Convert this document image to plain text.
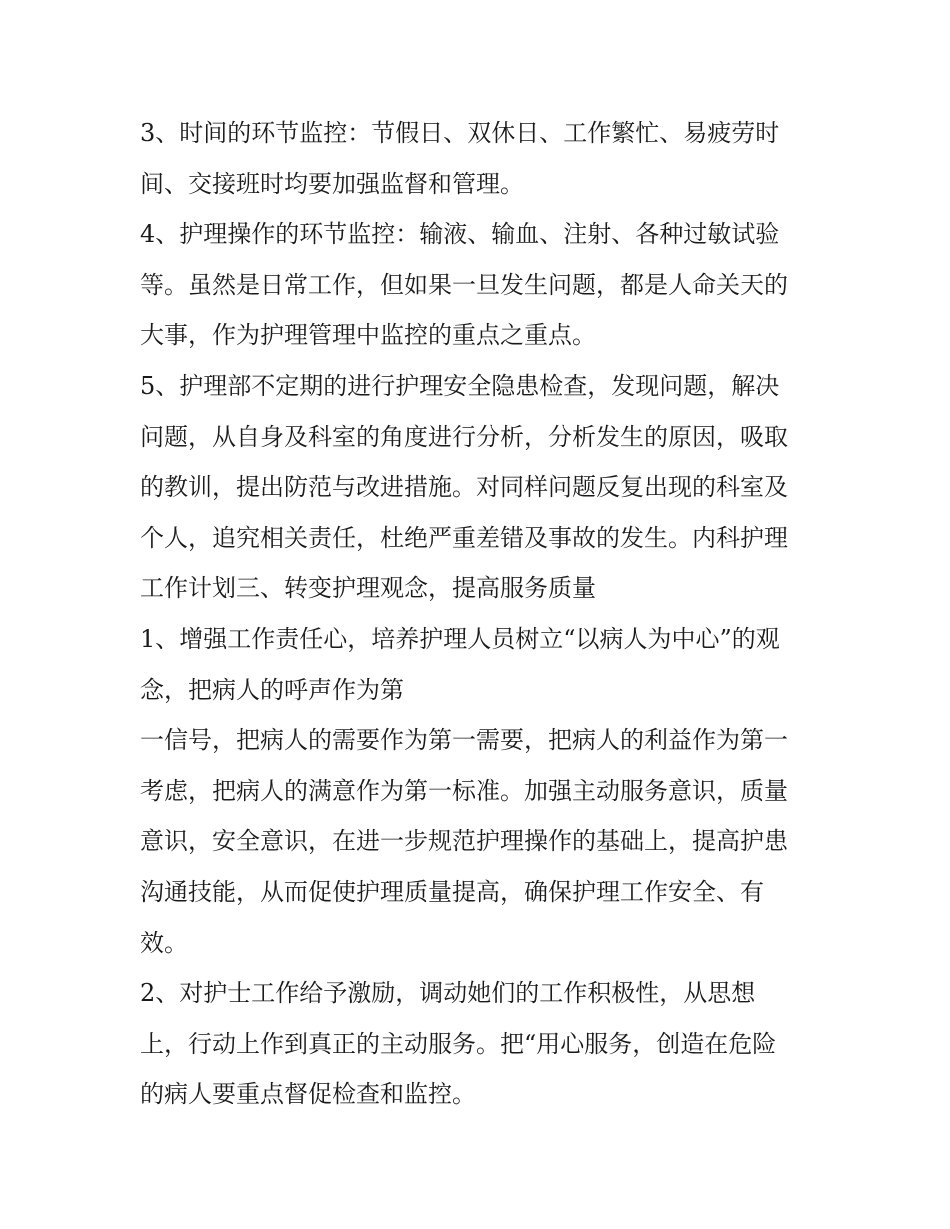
3、时间的环节监控：节假日、双休日、工作繁忙、易疲劳时
间、交接班时均要加强监督和管理。
4、护理操作的环节监控：输液、输血、注射、各种过敏试验
等。虽然是日常工作，但如果一旦发生问题，都是人命关天的
大事，作为护理管理中监控的重点之重点。
5、护理部不定期的进行护理安全隐患检查，发现问题，解决
问题，从自身及科室的角度进行分析，分析发生的原因，吸取
的教训，提出防范与改进措施。对同样问题反复出现的科室及
个人，追究相关责任，杜绝严重差错及事故的发生。内科护理
工作计划三、转变护理观念，提高服务质量
1、增强工作责任心，培养护理人员树立“以病人为中心”的观
念，把病人的呼声作为第
一信号，把病人的需要作为第一需要，把病人的利益作为第一
考虑，把病人的满意作为第一标准。加强主动服务意识，质量
意识，安全意识，在进一步规范护理操作的基础上，提高护患
沟通技能，从而促使护理质量提高，确保护理工作安全、有
效。
2、对护士工作给予激励，调动她们的工作积极性，从思想
上，行动上作到真正的主动服务。把“用心服务，创造在危险
的病人要重点督促检查和监控。
